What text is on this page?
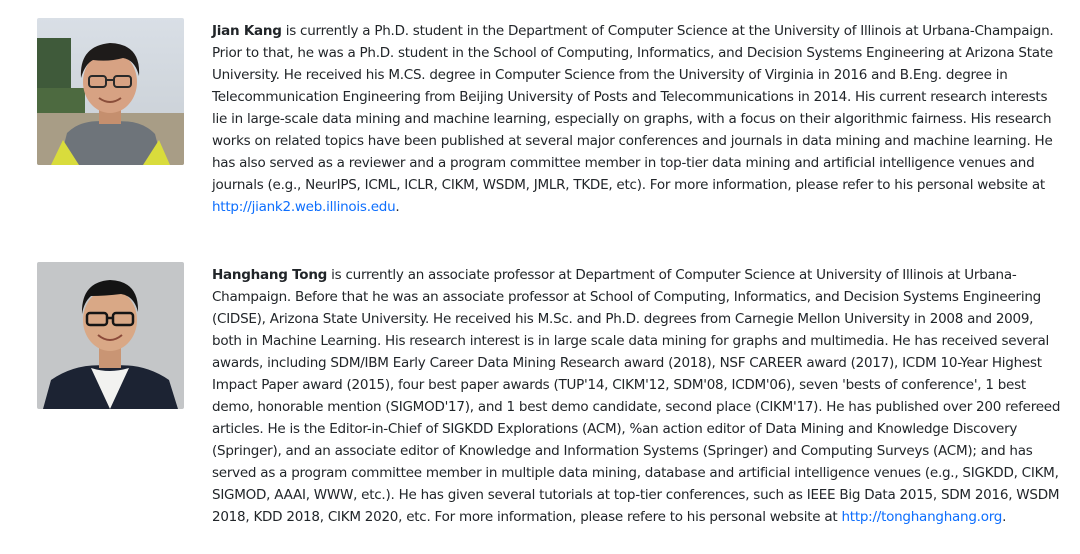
Jian Kang is currently a Ph.D. student in the Department of Computer Science at the University of Illinois at Urbana-Champaign. Prior to that, he was a Ph.D. student in the School of Computing, Informatics, and Decision Systems Engineering at Arizona State University. He received his M.CS. degree in Computer Science from the University of Virginia in 2016 and B.Eng. degree in Telecommunication Engineering from Beijing University of Posts and Telecommunications in 2014. His current research interests lie in large-scale data mining and machine learning, especially on graphs, with a focus on their algorithmic fairness. His research works on related topics have been published at several major conferences and journals in data mining and machine learning. He has also served as a reviewer and a program committee member in top-tier data mining and artificial intelligence venues and journals (e.g., NeurIPS, ICML, ICLR, CIKM, WSDM, JMLR, TKDE, etc). For more information, please refer to his personal website at http://jiank2.web.illinois.edu.
Hanghang Tong is currently an associate professor at Department of Computer Science at University of Illinois at Urbana-Champaign. Before that he was an associate professor at School of Computing, Informatics, and Decision Systems Engineering (CIDSE), Arizona State University. He received his M.Sc. and Ph.D. degrees from Carnegie Mellon University in 2008 and 2009, both in Machine Learning. His research interest is in large scale data mining for graphs and multimedia. He has received several awards, including SDM/IBM Early Career Data Mining Research award (2018), NSF CAREER award (2017), ICDM 10-Year Highest Impact Paper award (2015), four best paper awards (TUP'14, CIKM'12, SDM'08, ICDM'06), seven 'bests of conference', 1 best demo, honorable mention (SIGMOD'17), and 1 best demo candidate, second place (CIKM'17). He has published over 200 refereed articles. He is the Editor-in-Chief of SIGKDD Explorations (ACM), %an action editor of Data Mining and Knowledge Discovery (Springer), and an associate editor of Knowledge and Information Systems (Springer) and Computing Surveys (ACM); and has served as a program committee member in multiple data mining, database and artificial intelligence venues (e.g., SIGKDD, CIKM, SIGMOD, AAAI, WWW, etc.). He has given several tutorials at top-tier conferences, such as IEEE Big Data 2015, SDM 2016, WSDM 2018, KDD 2018, CIKM 2020, etc. For more information, please refere to his personal website at http://tonghanghang.org.
